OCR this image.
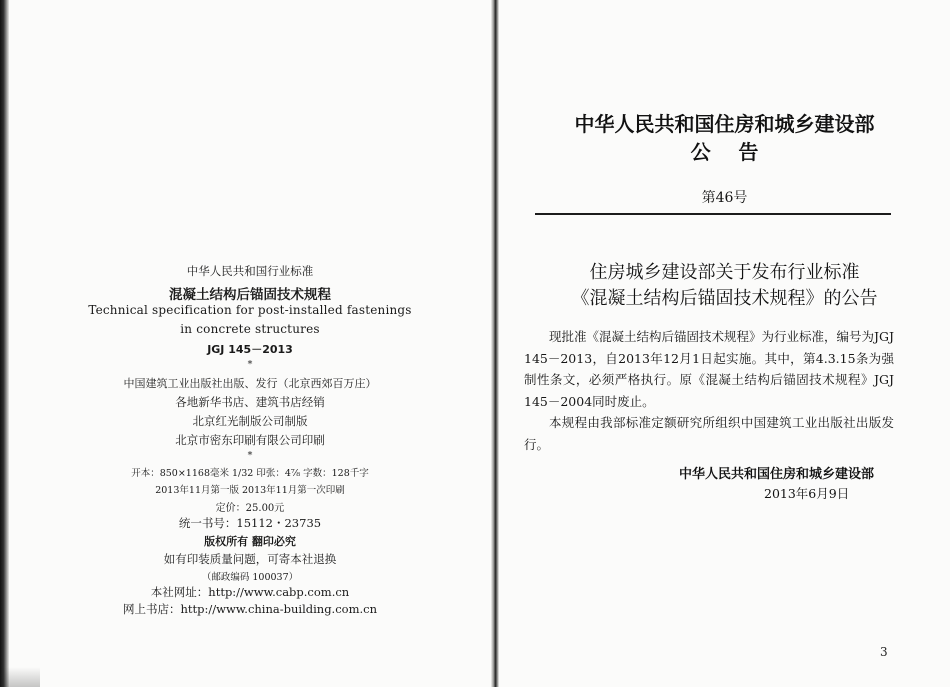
中华人民共和国行业标准
混凝土结构后锚固技术规程
Technical specification for post-installed fastenings
in concrete structures
JGJ 145－2013
*
中国建筑工业出版社出版、发行（北京西郊百万庄）
各地新华书店、建筑书店经销
北京红光制版公司制版
北京市密东印刷有限公司印刷
*
开本：850×1168毫米 1/32 印张：4⅞ 字数：128千字
2013年11月第一版 2013年11月第一次印刷
定价：25.00元
统一书号：15112・23735
版权所有 翻印必究
如有印装质量问题，可寄本社退换
（邮政编码 100037）
本社网址：http://www.cabp.com.cn
网上书店：http://www.china-building.com.cn
中华人民共和国住房和城乡建设部
公    告
第46号
住房城乡建设部关于发布行业标准
《混凝土结构后锚固技术规程》的公告
现批准《混凝土结构后锚固技术规程》为行业标准，编号为JGJ 145－2013，自2013年12月1日起实施。其中，第4.3.15条为强制性条文，必须严格执行。原《混凝土结构后锚固技术规程》JGJ 145－2004同时废止。
本规程由我部标准定额研究所组织中国建筑工业出版社出版发行。
中华人民共和国住房和城乡建设部
2013年6月9日
3
